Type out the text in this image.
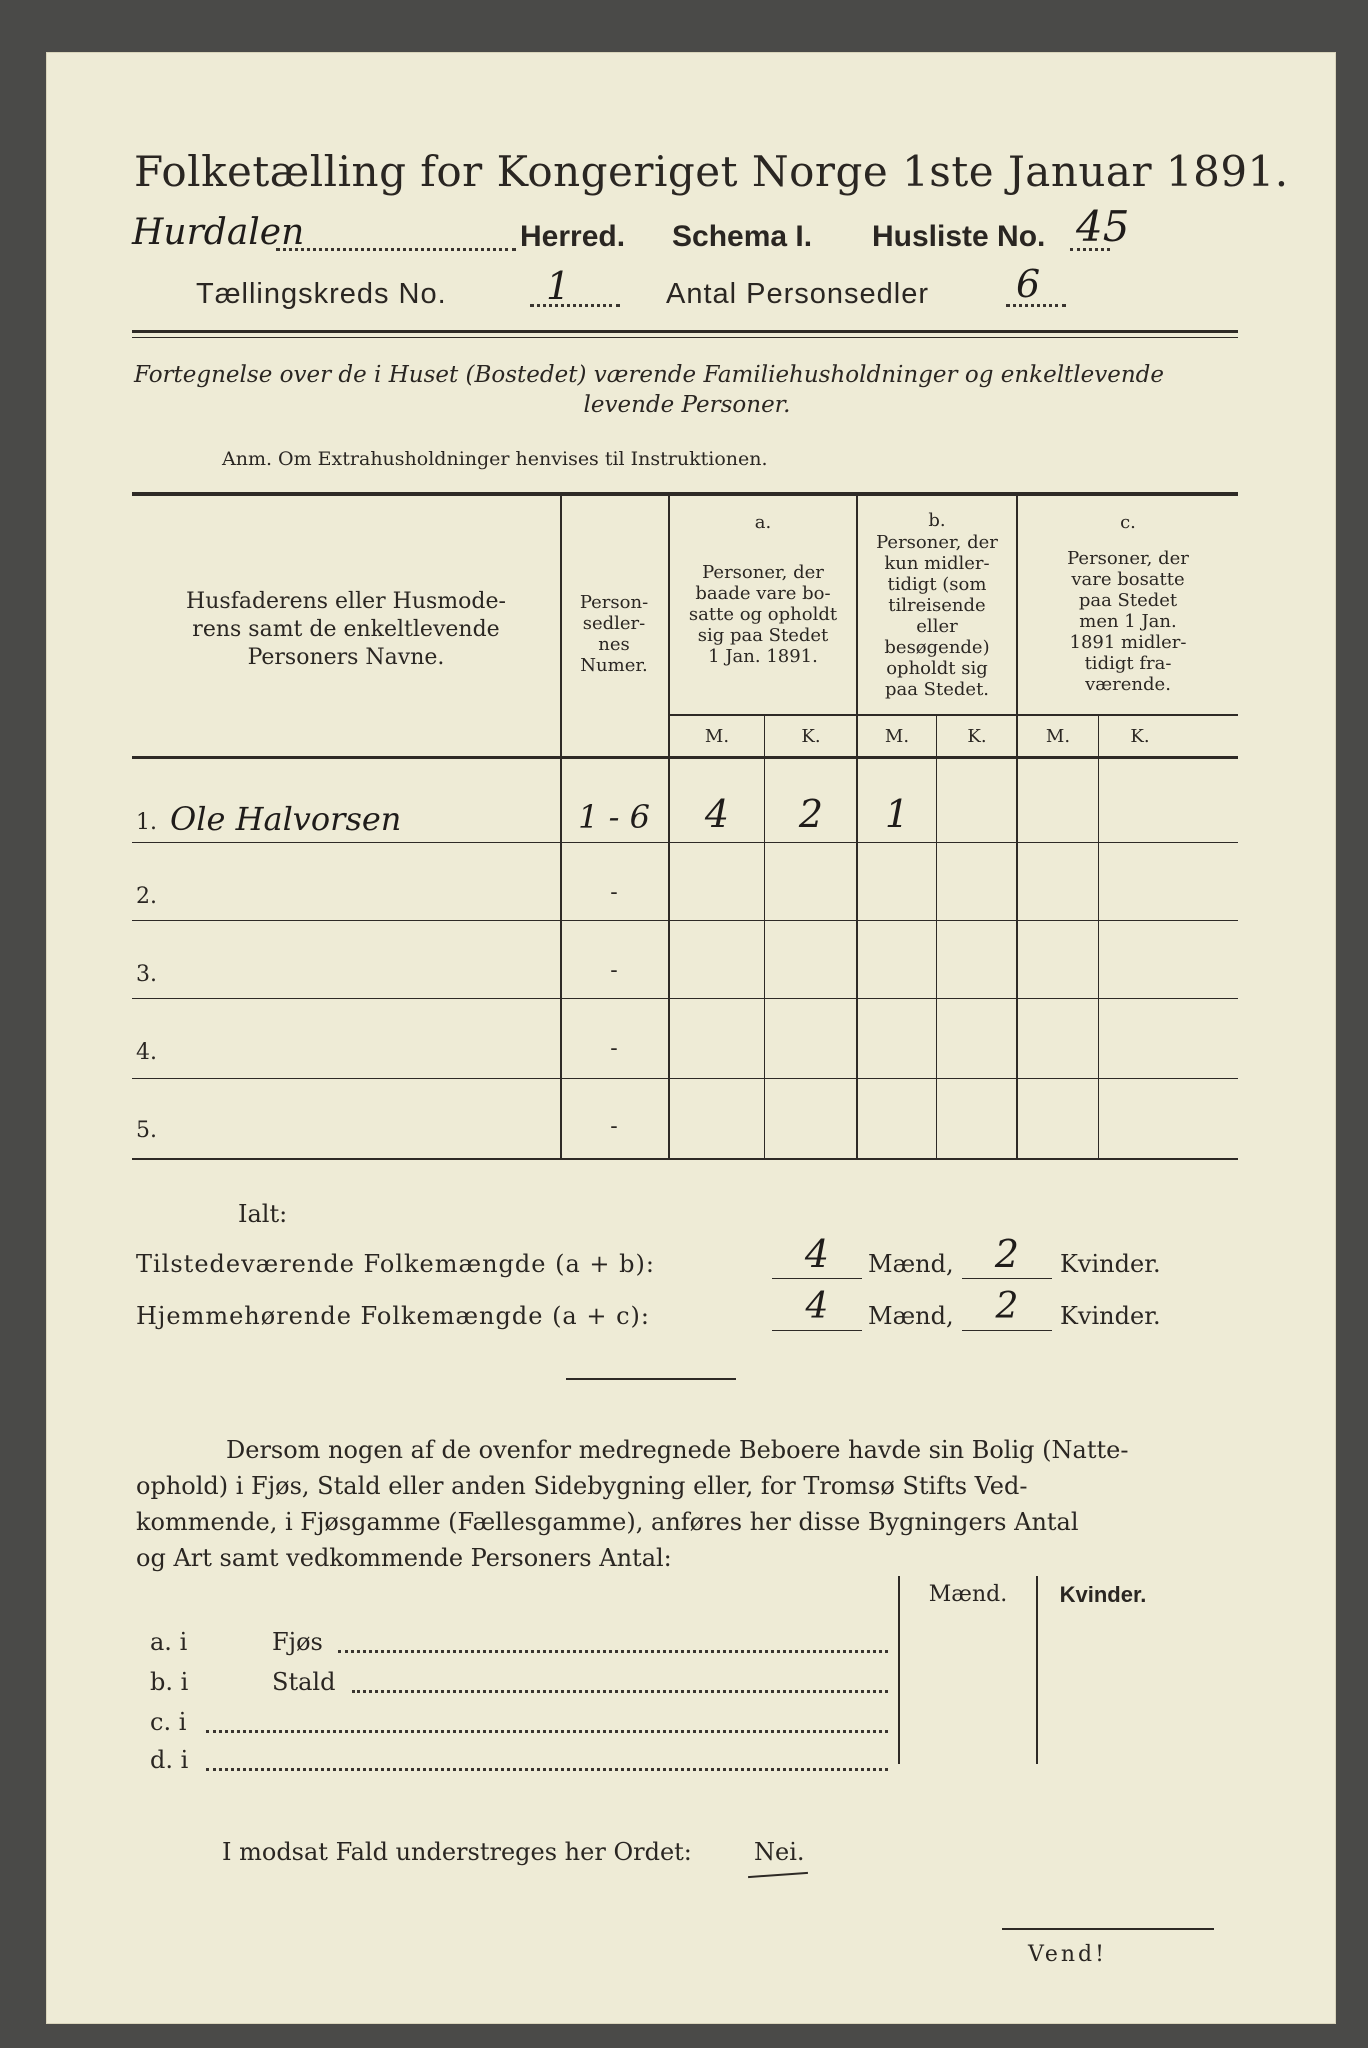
Folketælling for Kongeriget Norge 1ste Januar 1891.
Hurdalen	Herred. Schema I. Husliste No. 45
Tællingskreds No.	1	Antal Personsedler 6
Fortegnelse over de i Huset (Bostedet) værende Familiehusholdninger og enkeltlevende
levende Personer.
Anm. Om Extrahusholdninger henvises til Instruktionen.
Husfaderens eller Husmode-
rens samt de enkeltlevende
Personers Navne.
Person-
sedler-
nes
Numer.
a.
Personer, der
baade vare bo-
satte og opholdt
sig paa Stedet
1 Jan. 1891.
b.
Personer, der
kun midler-
tidigt (som
tilreisende
eller
besøgende)
opholdt sig
paa Stedet.
c.
Personer, der
vare bosatte
paa Stedet
men 1 Jan.
1891 midler-
tidigt fra-
værende.
M.	K.	M.	K.	M.	K.
1. Ole Halvorsen	1 - 6	4	2	1
2.	-
3.	-
4.	-
5.	-
Ialt:
Tilstedeværende Folkemængde (a + b):	4	Mænd,	2	Kvinder.
Hjemmehørende Folkemængde (a + c):	4	Mænd,	2	Kvinder.
Dersom nogen af de ovenfor medregnede Beboere havde sin Bolig (Natte-
ophold) i Fjøs, Stald eller anden Sidebygning eller, for Tromsø Stifts Ved-
kommende, i Fjøsgamme (Fællesgamme), anføres her disse Bygningers Antal
og Art samt vedkommende Personers Antal:
Mænd.	Kvinder.
a. i	Fjøs
b. i	Stald
c. i
d. i
I modsat Fald understreges her Ordet:	Nei.
Vend!
